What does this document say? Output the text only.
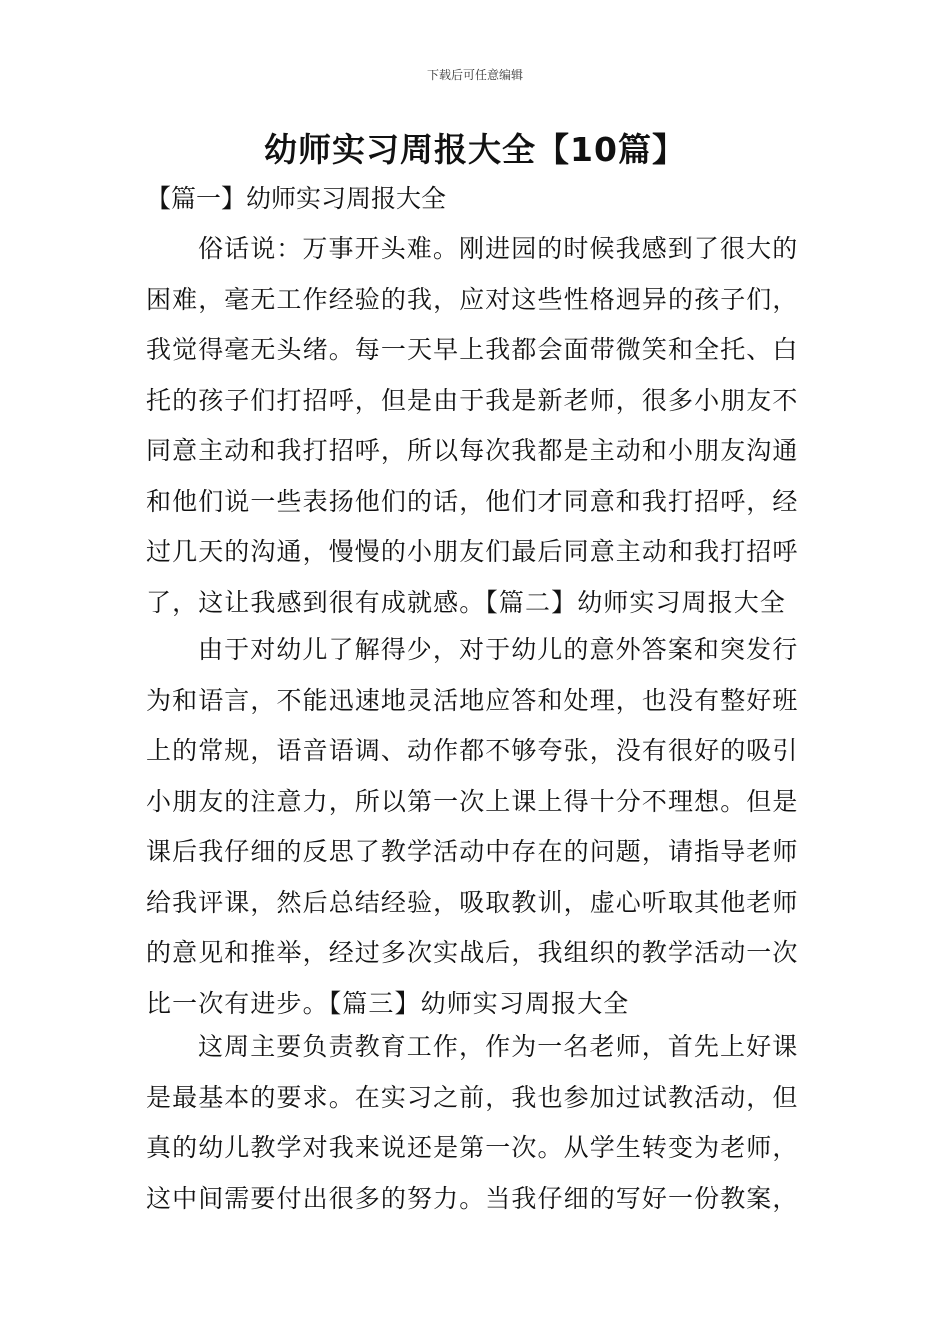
下载后可任意编辑
幼师实习周报大全【10篇】
【篇一】幼师实习周报大全
俗话说：万事开头难。刚进园的时候我感到了很大的
困难，毫无工作经验的我，应对这些性格迥异的孩子们，
我觉得毫无头绪。每一天早上我都会面带微笑和全托、白
托的孩子们打招呼，但是由于我是新老师，很多小朋友不
同意主动和我打招呼，所以每次我都是主动和小朋友沟通
和他们说一些表扬他们的话，他们才同意和我打招呼，经
过几天的沟通，慢慢的小朋友们最后同意主动和我打招呼
了，这让我感到很有成就感。【篇二】幼师实习周报大全
由于对幼儿了解得少，对于幼儿的意外答案和突发行
为和语言，不能迅速地灵活地应答和处理，也没有整好班
上的常规，语音语调、动作都不够夸张，没有很好的吸引
小朋友的注意力，所以第一次上课上得十分不理想。但是
课后我仔细的反思了教学活动中存在的问题，请指导老师
给我评课，然后总结经验，吸取教训，虚心听取其他老师
的意见和推举，经过多次实战后，我组织的教学活动一次
比一次有进步。【篇三】幼师实习周报大全
这周主要负责教育工作，作为一名老师，首先上好课
是最基本的要求。在实习之前，我也参加过试教活动，但
真的幼儿教学对我来说还是第一次。从学生转变为老师，
这中间需要付出很多的努力。当我仔细的写好一份教案，
